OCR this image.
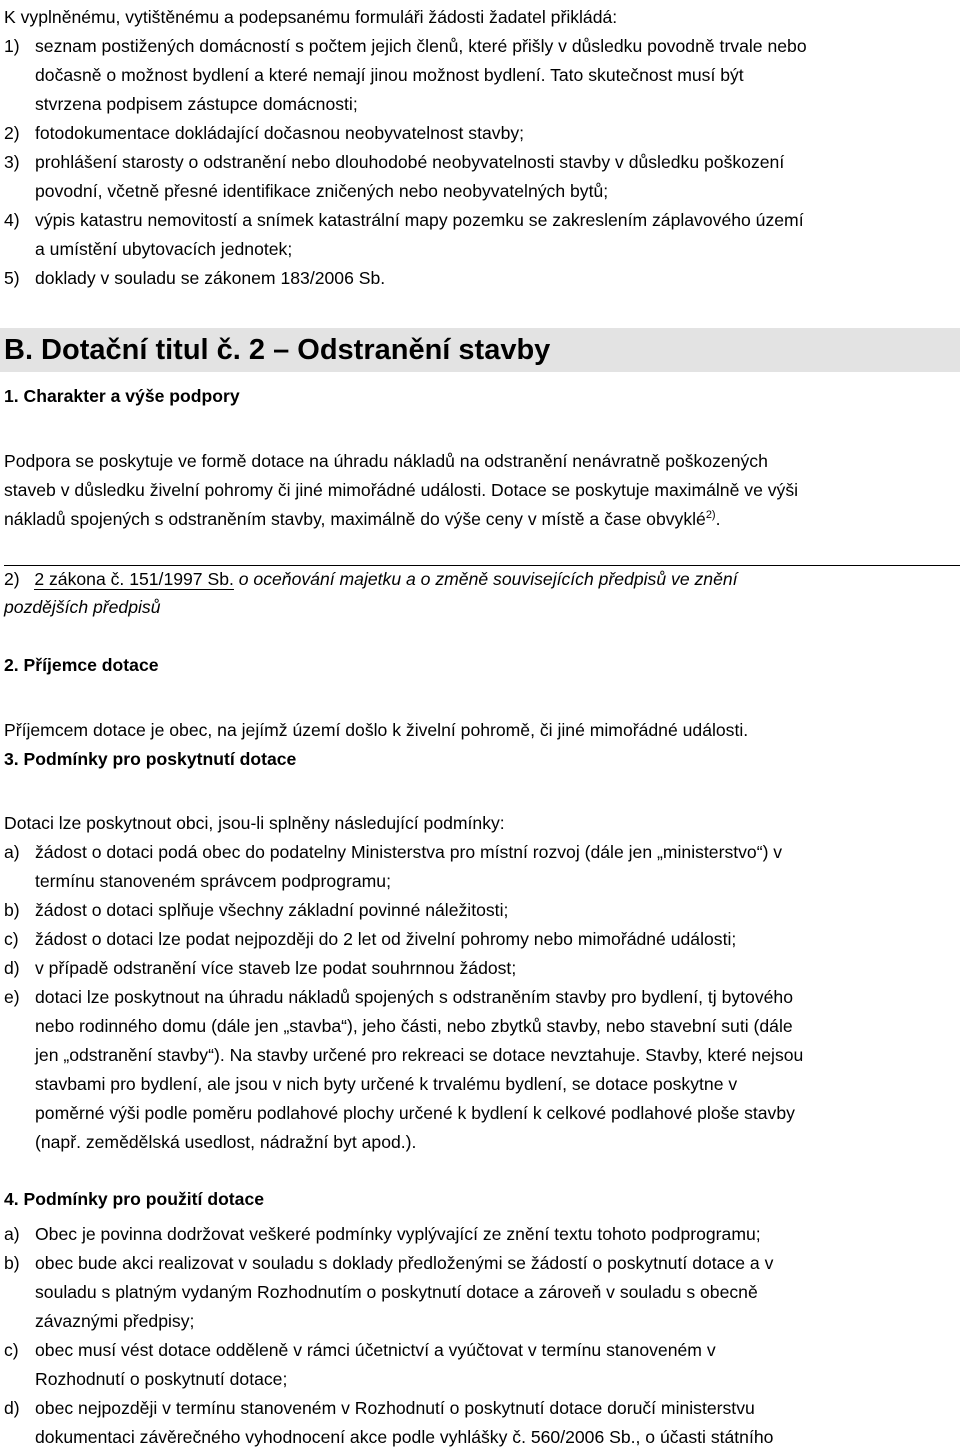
K vyplněnému, vytištěnému a podepsanému formuláři žádosti žadatel přikládá:
1) seznam postižených domácností s počtem jejich členů, které přišly v důsledku povodně trvale nebo
dočasně o možnost bydlení a které nemají jinou možnost bydlení. Tato skutečnost musí být
stvrzena podpisem zástupce domácnosti;
2) fotodokumentace dokládající dočasnou neobyvatelnost stavby;
3) prohlášení starosty o odstranění nebo dlouhodobé neobyvatelnosti stavby v důsledku poškození
povodní, včetně přesné identifikace zničených nebo neobyvatelných bytů;
4) výpis katastru nemovitostí a snímek katastrální mapy pozemku se zakreslením záplavového území
a umístění ubytovacích jednotek;
5) doklady v souladu se zákonem 183/2006 Sb.
B. Dotační titul č. 2 – Odstranění stavby
1. Charakter a výše podpory
Podpora se poskytuje ve formě dotace na úhradu nákladů na odstranění nenávratně poškozených
staveb v důsledku živelní pohromy či jiné mimořádné události. Dotace se poskytuje maximálně ve výši
nákladů spojených s odstraněním stavby, maximálně do výše ceny v místě a čase obvyklé$^{2)}$.
2) 2 zákona č. 151/1997 Sb. o oceňování majetku a o změně souvisejících předpisů ve znění
pozdějších předpisů
2. Příjemce dotace
Příjemcem dotace je obec, na jejímž území došlo k živelní pohromě, či jiné mimořádné události.
3. Podmínky pro poskytnutí dotace
Dotaci lze poskytnout obci, jsou-li splněny následující podmínky:
a) žádost o dotaci podá obec do podatelny Ministerstva pro místní rozvoj (dále jen „ministerstvo“) v
termínu stanoveném správcem podprogramu;
b) žádost o dotaci splňuje všechny základní povinné náležitosti;
c) žádost o dotaci lze podat nejpozději do 2 let od živelní pohromy nebo mimořádné události;
d) v případě odstranění více staveb lze podat souhrnnou žádost;
e) dotaci lze poskytnout na úhradu nákladů spojených s odstraněním stavby pro bydlení, tj bytového
nebo rodinného domu (dále jen „stavba“), jeho části, nebo zbytků stavby, nebo stavební suti (dále
jen „odstranění stavby“). Na stavby určené pro rekreaci se dotace nevztahuje. Stavby, které nejsou
stavbami pro bydlení, ale jsou v nich byty určené k trvalému bydlení, se dotace poskytne v
poměrné výši podle poměru podlahové plochy určené k bydlení k celkové podlahové ploše stavby
(např. zemědělská usedlost, nádražní byt apod.).
4. Podmínky pro použití dotace
a) Obec je povinna dodržovat veškeré podmínky vyplývající ze znění textu tohoto podprogramu;
b) obec bude akci realizovat v souladu s doklady předloženými se žádostí o poskytnutí dotace a v
souladu s platným vydaným Rozhodnutím o poskytnutí dotace a zároveň v souladu s obecně
závaznými předpisy;
c) obec musí vést dotace odděleně v rámci účetnictví a vyúčtovat v termínu stanoveném v
Rozhodnutí o poskytnutí dotace;
d) obec nejpozději v termínu stanoveném v Rozhodnutí o poskytnutí dotace doručí ministerstvu
dokumentaci závěrečného vyhodnocení akce podle vyhlášky č. 560/2006 Sb., o účasti státního
